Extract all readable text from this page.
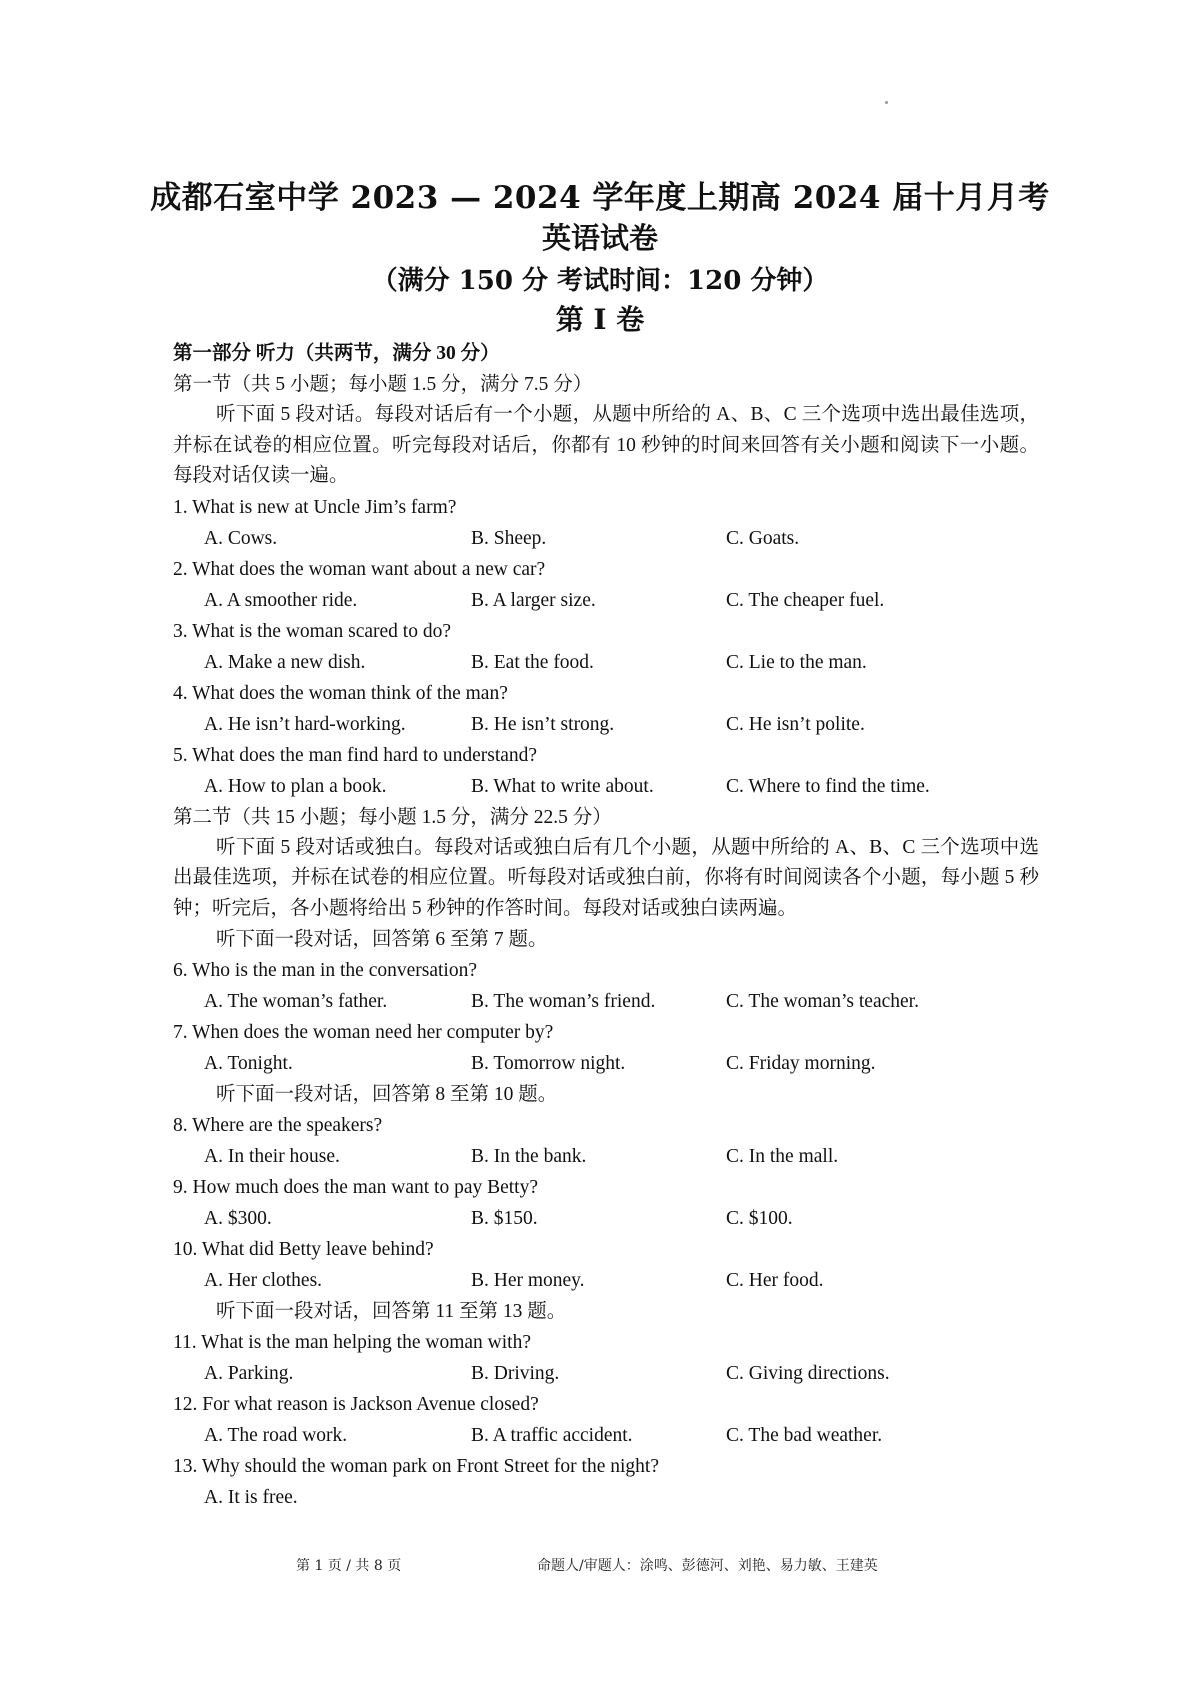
成都石室中学 2023 — 2024 学年度上期高 2024 届十月月考
英语试卷
（满分 150 分 考试时间：120 分钟）
第 I 卷
第一部分 听力（共两节，满分 30 分）
第一节（共 5 小题；每小题 1.5 分，满分 7.5 分）

听下面 5 段对话。每段对话后有一个小题，从题中所给的 A、B、C 三个选项中选出最佳选项，并标在试卷的相应位置。听完每段对话后，你都有 10 秒钟的时间来回答有关小题和阅读下一小题。每段对话仅读一遍。

1. What is new at Uncle Jim’s farm?
A. Cows.	B. Sheep.	C. Goats.
2. What does the woman want about a new car?
A. A smoother ride.	B. A larger size.	C. The cheaper fuel.
3. What is the woman scared to do?
A. Make a new dish.	B. Eat the food.	C. Lie to the man.
4. What does the woman think of the man?
A. He isn’t hard-working.	B. He isn’t strong.	C. He isn’t polite.
5. What does the man find hard to understand?
A. How to plan a book.	B. What to write about.	C. Where to find the time.
第二节（共 15 小题；每小题 1.5 分，满分 22.5 分）

听下面 5 段对话或独白。每段对话或独白后有几个小题，从题中所给的 A、B、C 三个选项中选出最佳选项，并标在试卷的相应位置。听每段对话或独白前，你将有时间阅读各个小题，每小题 5 秒钟；听完后，各小题将给出 5 秒钟的作答时间。每段对话或独白读两遍。

听下面一段对话，回答第 6 至第 7 题。
6. Who is the man in the conversation?
A. The woman’s father.	B. The woman’s friend.	C. The woman’s teacher.
7. When does the woman need her computer by?
A. Tonight.	B. Tomorrow night.	C. Friday morning.
听下面一段对话，回答第 8 至第 10 题。
8. Where are the speakers?
A. In their house.	B. In the bank.	C. In the mall.
9. How much does the man want to pay Betty?
A. $300.	B. $150.	C. $100.
10. What did Betty leave behind?
A. Her clothes.	B. Her money.	C. Her food.
听下面一段对话，回答第 11 至第 13 题。
11. What is the man helping the woman with?
A. Parking.	B. Driving.	C. Giving directions.
12. For what reason is Jackson Avenue closed?
A. The road work.	B. A traffic accident.	C. The bad weather.
13. Why should the woman park on Front Street for the night?
A. It is free.
第 1 页 / 共 8 页	命题人/审题人：涂鸣、彭德河、刘艳、易力敏、王建英
